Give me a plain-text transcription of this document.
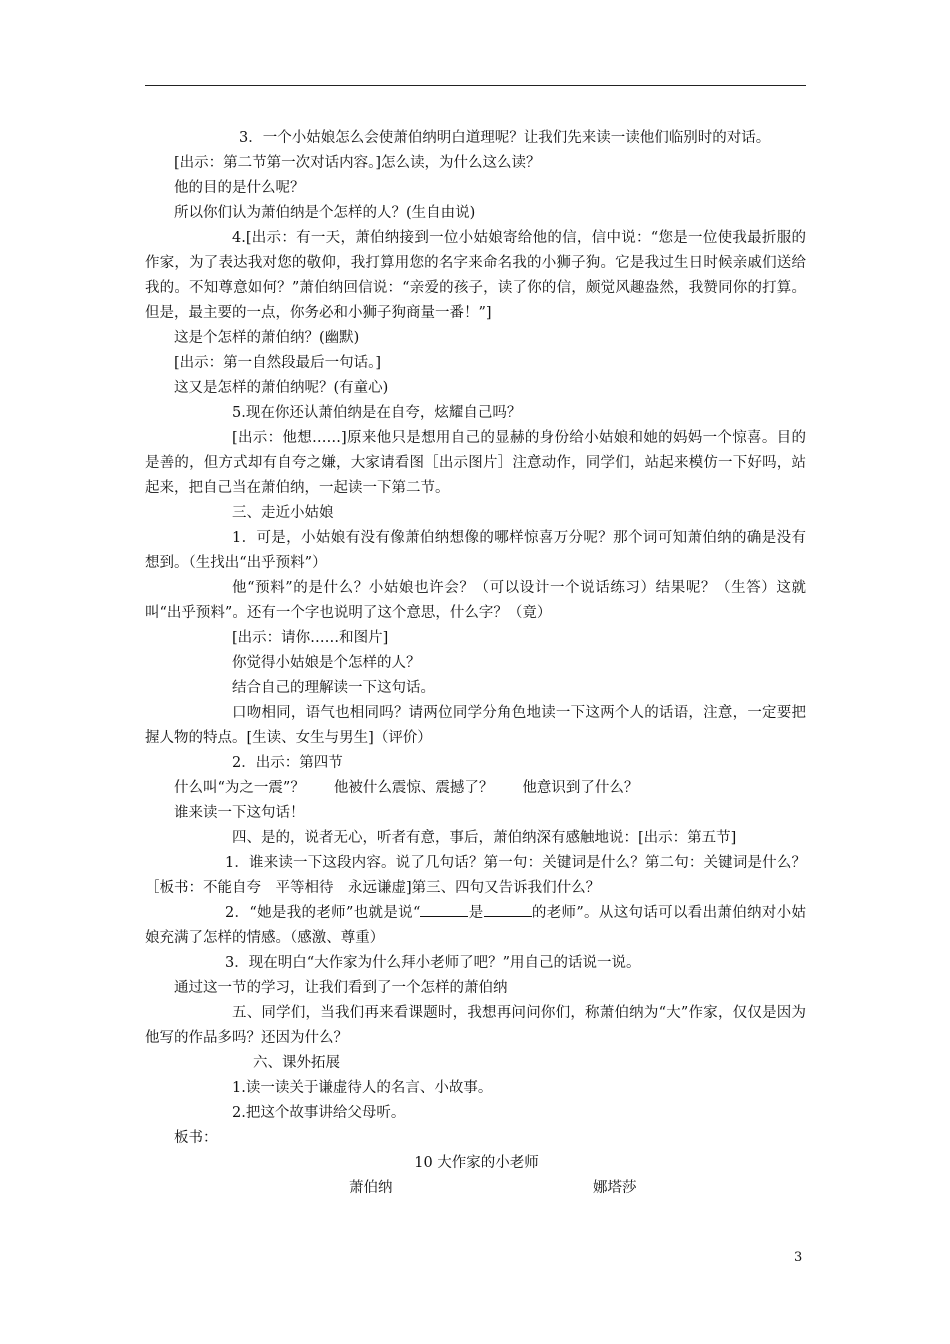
3．一个小姑娘怎么会使萧伯纳明白道理呢？让我们先来读一读他们临别时的对话。

[出示：第二节第一次对话内容。]怎么读，为什么这么读？

他的目的是什么呢？

所以你们认为萧伯纳是个怎样的人？(生自由说)

4.[出示：有一天，萧伯纳接到一位小姑娘寄给他的信，信中说：“您是一位使我最折服的作家，为了表达我对您的敬仰，我打算用您的名字来命名我的小狮子狗。它是我过生日时候亲戚们送给我的。不知尊意如何？”萧伯纳回信说：“亲爱的孩子，读了你的信，颇觉风趣盎然，我赞同你的打算。但是，最主要的一点，你务必和小狮子狗商量一番！”]

这是个怎样的萧伯纳？(幽默)

[出示：第一自然段最后一句话。]

这又是怎样的萧伯纳呢？(有童心)

5.现在你还认萧伯纳是在自夸，炫耀自己吗？

[出示：他想……]原来他只是想用自己的显赫的身份给小姑娘和她的妈妈一个惊喜。目的是善的，但方式却有自夸之嫌，大家请看图［出示图片］注意动作，同学们，站起来模仿一下好吗，站起来，把自己当在萧伯纳，一起读一下第二节。

三、走近小姑娘

1．可是，小姑娘有没有像萧伯纳想像的哪样惊喜万分呢？那个词可知萧伯纳的确是没有想到。（生找出“出乎预料”）

他“预料”的是什么？小姑娘也许会？（可以设计一个说话练习）结果呢？（生答）这就叫“出乎预料”。还有一个字也说明了这个意思，什么字？（竟）

[出示：请你……和图片]

你觉得小姑娘是个怎样的人？

结合自己的理解读一下这句话。

口吻相同，语气也相同吗？请两位同学分角色地读一下这两个人的话语，注意，一定要把握人物的特点。[生读、女生与男生]（评价）

2．出示：第四节

什么叫“为之一震”？　　他被什么震惊、震撼了？　　他意识到了什么？

谁来读一下这句话！

四、是的，说者无心，听者有意，事后，萧伯纳深有感触地说：[出示：第五节]

1．谁来读一下这段内容。说了几句话？第一句：关键词是什么？第二句：关键词是什么？［板书：不能自夸　平等相待　永远谦虚]第三、四句又告诉我们什么？

2．“她是我的老师”也就是说“	是	的老师”。从这句话可以看出萧伯纳对小姑娘充满了怎样的情感。（感激、尊重）

3．现在明白“大作家为什么拜小老师了吧？”用自己的话说一说。

通过这一节的学习，让我们看到了一个怎样的萧伯纳

五、同学们，当我们再来看课题时，我想再问问你们，称萧伯纳为“大”作家，仅仅是因为他写的作品多吗？还因为什么？

六、课外拓展

1.读一读关于谦虚待人的名言、小故事。

2.把这个故事讲给父母听。

板书：

10 大作家的小老师

萧伯纳	娜塔莎
3
